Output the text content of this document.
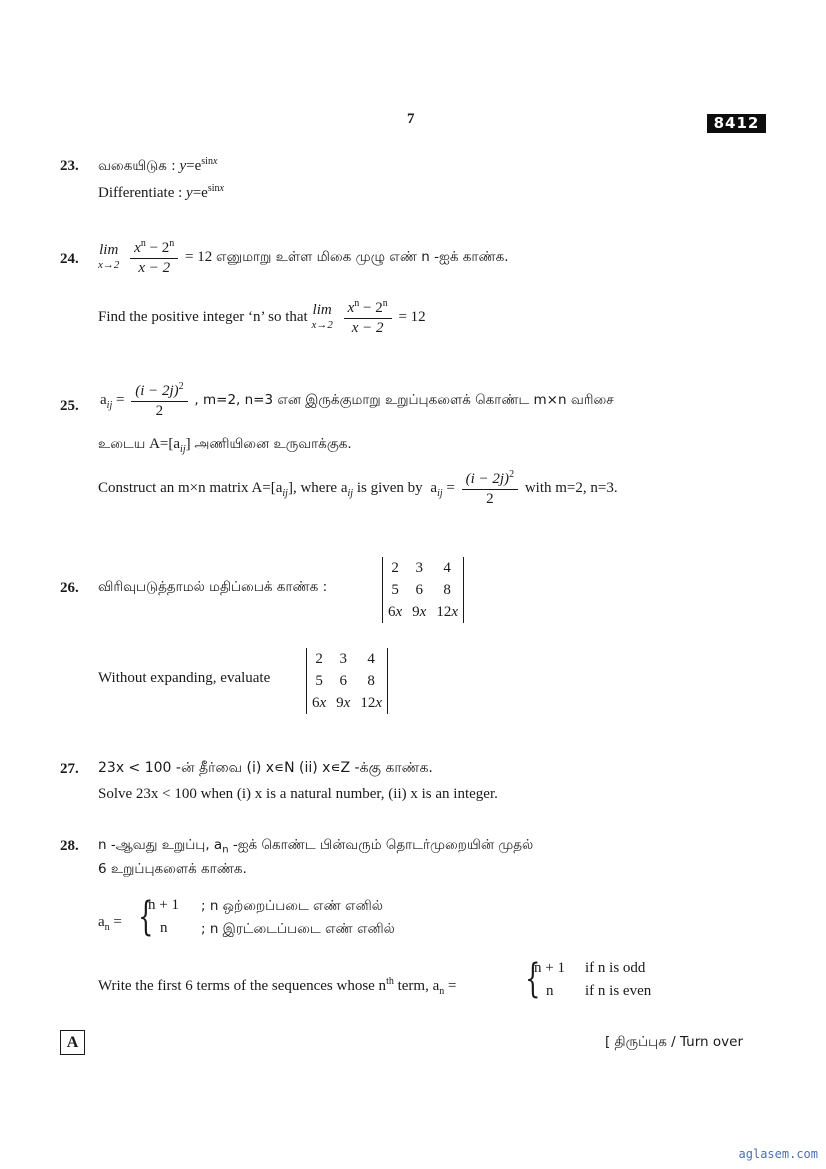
7	8412
23. வகையிடுக : $y=e^{sinx}$
Differentiate : $y=e^{sinx}$
24.
lim
x→2
$\frac{x^n - 2^n}{x - 2} = 12$ எனுமாறு உள்ள மிகை முழு எண் n -ஐக் காண்க.
Find the positive integer ‘n’ so that lim
x→2
$\frac{x^n - 2^n}{x - 2} = 12$
25. $a_{ij} = \frac{(i - 2j)^2}{2}$ , m=2, n=3 என இருக்குமாறு உறுப்புகளைக் கொண்ட m×n வரிசை
உடைய $A=[a_{ij}]$ அணியினை உருவாக்குக.
Construct an m×n matrix $A=[a_{ij}]$, where $a_{ij}$ is given by $a_{ij} = \frac{(i - 2j)^2}{2}$ with m=2, n=3.
26. விரிவுபடுத்தாமல் மதிப்பைக் காண்க :
2	3	4
5	6	8
6x	9x	12x
Without expanding, evaluate
2	3	4
5	6	8
6x	9x	12x
27. 23x < 100 -ன் தீர்வை (i) x∊N (ii) x∊Z -க்கு காண்க.
Solve 23x < 100 when (i) x is a natural number, (ii) x is an integer.
28. n -ஆவது உறுப்பு, $a_n$ -ஐக் கொண்ட பின்வரும் தொடர்முறையின் முதல்
6 உறுப்புகளைக் காண்க.
$a_n$ = {
n + 1 ; n ஒற்றைப்படை எண் எனில்
n ; n இரட்டைப்படை எண் எனில்
Write the first 6 terms of the sequences whose $n^{th}$ term, $a_n$ = {
n + 1 if n is odd
n if n is even
A	[ திருப்புக / Turn over
aglasem.com
